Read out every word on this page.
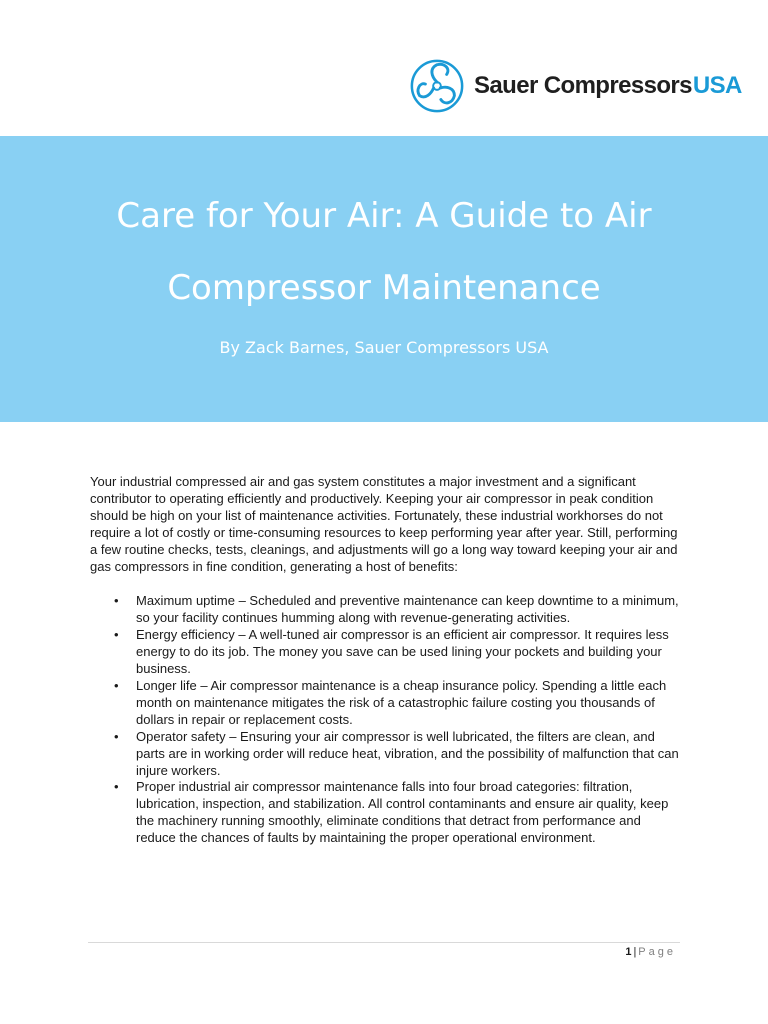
Sauer CompressorsUSA
Care for Your Air: A Guide to Air
Compressor Maintenance

By Zack Barnes, Sauer Compressors USA

Your industrial compressed air and gas system constitutes a major investment and a significant contributor to operating efficiently and productively. Keeping your air compressor in peak condition should be high on your list of maintenance activities. Fortunately, these industrial workhorses do not require a lot of costly or time-consuming resources to keep performing year after year. Still, performing a few routine checks, tests, cleanings, and adjustments will go a long way toward keeping your air and gas compressors in fine condition, generating a host of benefits:

• Maximum uptime – Scheduled and preventive maintenance can keep downtime to a minimum, so your facility continues humming along with revenue-generating activities.
• Energy efficiency – A well-tuned air compressor is an efficient air compressor. It requires less energy to do its job. The money you save can be used lining your pockets and building your business.
• Longer life – Air compressor maintenance is a cheap insurance policy. Spending a little each month on maintenance mitigates the risk of a catastrophic failure costing you thousands of dollars in repair or replacement costs.
• Operator safety – Ensuring your air compressor is well lubricated, the filters are clean, and parts are in working order will reduce heat, vibration, and the possibility of malfunction that can injure workers.
• Proper industrial air compressor maintenance falls into four broad categories: filtration, lubrication, inspection, and stabilization. All control contaminants and ensure air quality, keep the machinery running smoothly, eliminate conditions that detract from performance and reduce the chances of faults by maintaining the proper operational environment.
1 | Page
